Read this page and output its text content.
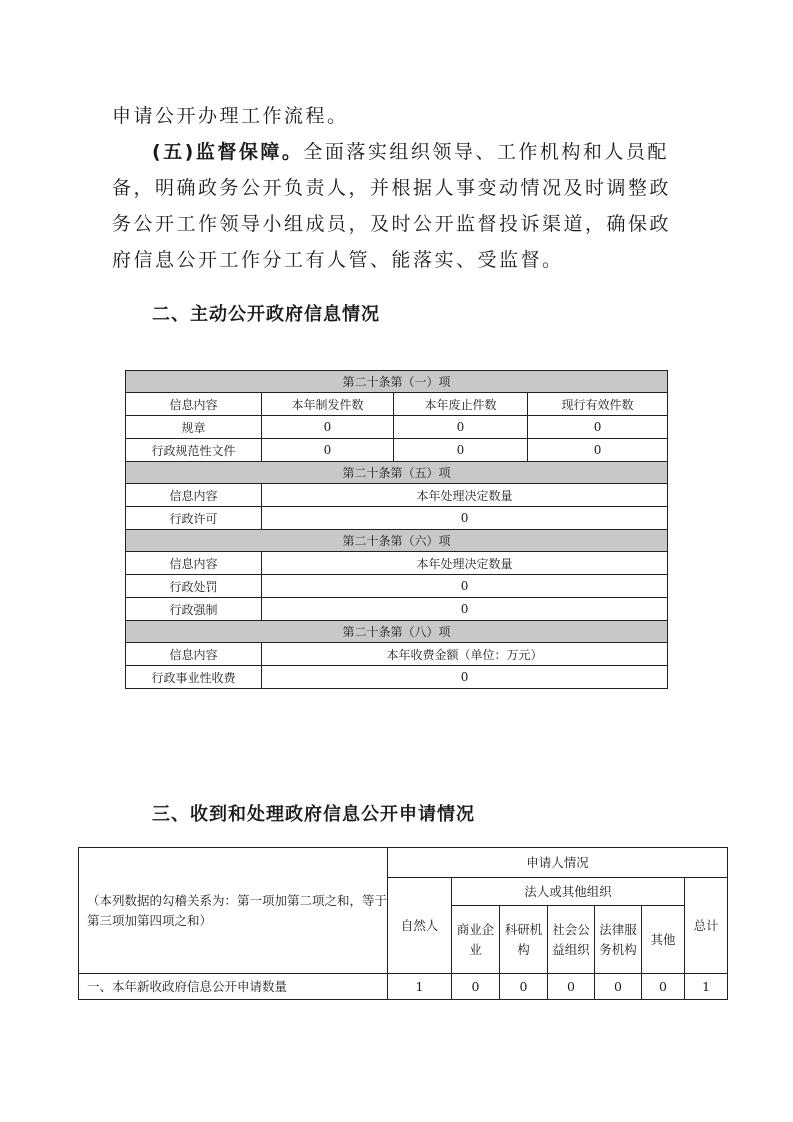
申请公开办理工作流程。

(五)监督保障。全面落实组织领导、工作机构和人员配备，明确政务公开负责人，并根据人事变动情况及时调整政务公开工作领导小组成员，及时公开监督投诉渠道，确保政府信息公开工作分工有人管、能落实、受监督。

二、主动公开政府信息情况
第二十条第（一）项			
信息内容	本年制发件数	本年废止件数	现行有效件数
规章	0	0	0
行政规范性文件	0	0	0
第二十条第（五）项			
信息内容	本年处理决定数量		
行政许可	0		
第二十条第（六）项			
信息内容	本年处理决定数量		
行政处罚	0		
行政强制	0		
第二十条第（八）项			
信息内容	本年收费金额（单位：万元）		
行政事业性收费	0		
三、收到和处理政府信息公开申请情况
（本列数据的勾稽关系为：第一项加第二项之和，等于第三项加第四项之和）	申请人情况						
	自然人	法人或其他组织					总计
		商业企业	科研机构	社会公益组织	法律服务机构	其他	
一、本年新收政府信息公开申请数量	1	0	0	0	0	0	1
